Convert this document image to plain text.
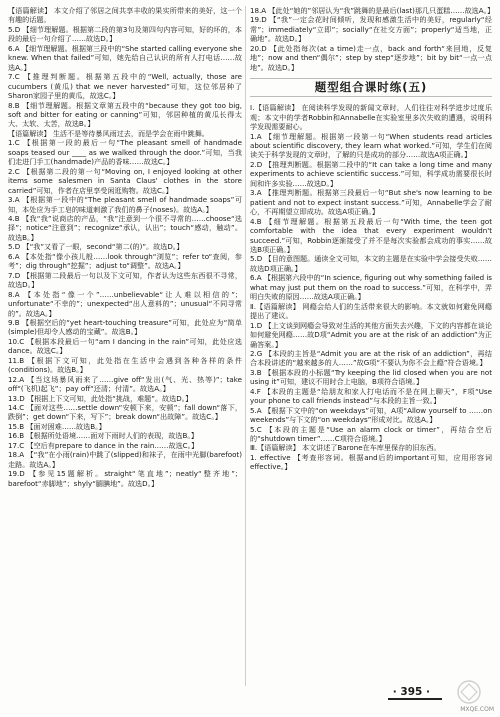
【语篇解读】 本文介绍了邻居之间共享丰收的果实所带来的美好，这一个有趣的话题。

5.D 【细节理解题。根据第二段的第3句及第四句内容可知，好的坏的，本段的最后一句介绍了……故选D。】

6.A 【细节理解题。根据第三段中的“She started calling everyone she knew. When that failed”可知，她先给自己认识的所有人打电话……故选A。】

7.C 【推理判断题。根据第五段中的“Well, actually, those are cucumbers (黄瓜) that we never harvested”可知，这位邻居种了Sharon家园子里的黄瓜，故选C。】

8.B 【细节理解题。根据文章第五段中的“because they got too big, soft and bitter for eating or canning”可知，邻居种植的黄瓜长得太大、太软、太苦，故选B。】

【语篇解读】 生活不是等待暴风雨过去，而是学会在雨中跳舞。

1.C 【根据第一段的最后一句“The pleasant smell of handmade soaps teased our ____ as we walked through the door.”可知，当我们走进门手工(handmade)产品的香味……故选C。】

2.C 【根据第二段的第一句“Moving on, I enjoyed looking at other items some salesmen in Santa Claus' clothes in the store carried”可知，作者在店里享受闲逛购物。故选C。】

3.A 【根据第一段中的“The pleasant smell of handmade soaps”可知，本处应为手工皂的味道刺激了我们的鼻子(noses)。故选A。】

4.B 【我“我”说商店的产品，“我”注意到一个很不寻常的……choose“选择”；notice“注意到”；recognize“承认，认出”；touch“感动，触动”。故选B。】

5.D 【“我”又看了一眼，second“第二(的)”。故选D。】

6.A 【本处指“像小孩儿般……look through“浏览”；refer to“查阅，参考”；dig through“挖掘”；adjust to“调整”。故选A。】

7.D 【根据第二段最后一句以及下文可知，作者认为这些东西很不寻常，故选D。】

8.A 【本处指“像一个”……unbelievable“让人难以相信的”；unfortunate“不幸的”；unexpected“出人意料的”；unusual“不同寻常的”。故选A。】

9.B 【根据空后的“yet heart-touching treasure”可知，此处应为“简单(simple)但却令人感动的宝藏”。故选B。】

10.C 【根据本段最后一句“am I dancing in the rain”可知，此处应选dance。故选C。】

11.B 【根据下文可知，此处指在生活中会遇到各种各样的条件(conditions)。故选B。】

12.A 【当这场暴风雨来了……give off“发出(气、光、热等)”；take off“(飞机)起飞”；pay off“还清；付清”。故选A。】

13.D 【根据上下文可知，此处指“挑战，难题”。故选D。】

14.C 【面对这些……settle down“安顿下来，安顿”；fall down“落下，跌倒”；get down“下来，写下”；break down“出故障”。故选C。】

15.B 【面对困难……故选B。】

16.B 【根据所处语境……面对下雨时人们的表现，故选B。】

17.C 【空后有prepare to dance in the rain……故选C。】

18.A 【“我”在小雨(rain)中跳了(slipped)和袜子，在雨中光脚(barefoot)走路。故选A。】

19.D 【参见15题解析。straight“笔直地”；neatly“整齐地”；barefoot“赤脚地”；shyly“腼腆地”。故选D。】

18.A 【此处“她的”邻居认为“我”跳舞的是最后(last)那几只蛋糕……故选A。】

19.D 【“我”一定会花时间倾听，发现和感激生活中的美好，regularly“经常”；immediately“立即”；socially“在社交方面”；properly“适当地，正确地”。故选D。】

20.D 【此处指每次(at a time)走一点，back and forth“来回地，反复地”；now and then“偶尔”；step by step“逐步地”；bit by bit“一点一点地”。故选D。】

题型组合课时练(五)

Ⅰ.【语篇解读】 在阅读科学发现的新闻文章时，人们往往对科学进步过度乐观；本文中的学者Robbin和Annabelle在实验室里多次失败的遭遇，说明科学发现需要耐心。

1.A 【细节理解题。根据第一段第一句“When students read articles about scientific discovery, they learn what worked.”可知，学生们在阅读关于科学发现的文章时，了解的只是成功的部分……故选A项正确。】

2.D 【推理判断题。根据第二段中的“It can take a long time and many experiments to achieve scientific success.”可知，科学成功需要很长时间和许多实验……故选D。】

3.A 【推理判断题。根据第三段最后一句“But she's now learning to be patient and not to expect instant success.”可知，Annabelle学会了耐心，不再期望立即成功。故选A项正确。】

4.B 【细节理解题。根据第五段最后一句“With time, the teen got comfortable with the idea that every experiment wouldn't succeed.”可知，Robbin逐渐接受了并不是每次实验都会成功的事实……故选B项正确。】

5.D 【目的意图题。通读全文可知，本文的主题是在实验中学会接受失败……故选D项正确。】

6.A 【根据第六段中的“In science, figuring out why something failed is what may just put them on the road to success.”可知，在科学中，弄明白失败的原因……故选A项正确。】

Ⅱ.【语篇解读】 网瘾会给人们的生活带来很大的影响。本文就如何避免网瘾提出了建议。

1.D 【上文谈到网瘾会导致对生活的其他方面失去兴趣，下文的内容都在谈论如何避免网瘾……故D项“Admit you are at the risk of an addiction”为正确答案。】

2.G 【本段的主旨是“Admit you are at the risk of an addiction”，再结合本段讲述的“越来越多的人……”故G项“不要认为你不会上瘾”符合语境。】

3.B 【根据本段的小标题“Try keeping the lid closed when you are not using it”可知，建议不用时合上电脑，B项符合语境。】

4.F 【本段的主题是“给朋友和家人打电话而不是在网上聊天”，F项“Use your phone to call friends instead”与本段的主旨一致。】

5.A 【根据下文中的“on weekdays”可知，A项“Allow yourself to ……on weekends”与下文的“on weekdays”形成对比。故选A。】

5.C 【本段的主题是“Use an alarm clock or timer”，再结合空后的“shutdown timer”……C项符合语境。】

Ⅲ.【语篇解读】 本文讲述了Barone在车库里保存的旧东西。

1. effective 【考查形容词。根据and后的important可知，应用形容词effective。】

· 395 ·
MXQE.COM
